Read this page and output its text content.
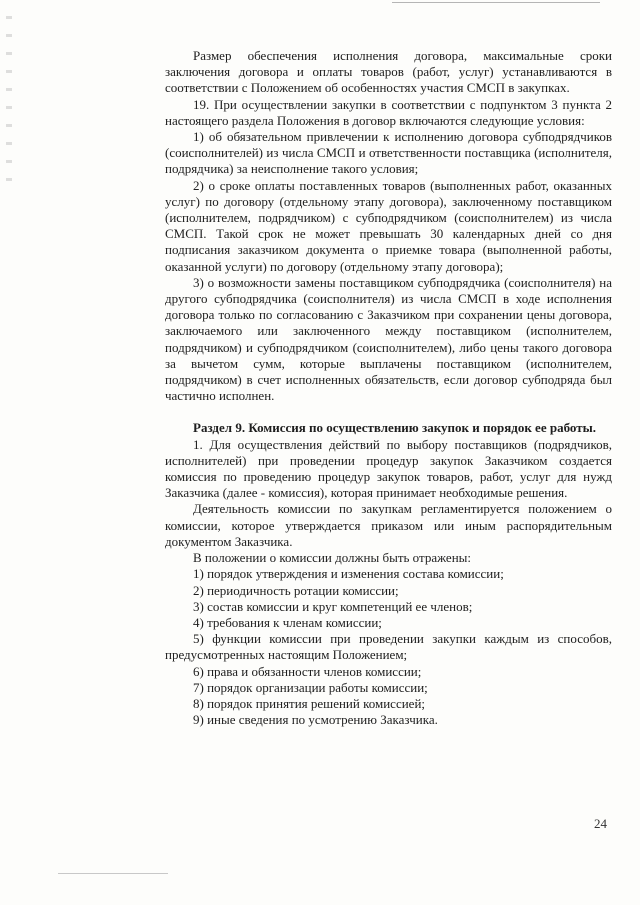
Размер обеспечения исполнения договора, максимальные сроки заключения договора и оплаты товаров (работ, услуг) устанавливаются в соответствии с Положением об особенностях участия СМСП в закупках.

19. При осуществлении закупки в соответствии с подпунктом 3 пункта 2 настоящего раздела Положения в договор включаются следующие условия:

1) об обязательном привлечении к исполнению договора субподрядчиков (соисполнителей) из числа СМСП и ответственности поставщика (исполнителя, подрядчика) за неисполнение такого условия;

2) о сроке оплаты поставленных товаров (выполненных работ, оказанных услуг) по договору (отдельному этапу договора), заключенному поставщиком (исполнителем, подрядчиком) с субподрядчиком (соисполнителем) из числа СМСП. Такой срок не может превышать 30 календарных дней со дня подписания заказчиком документа о приемке товара (выполненной работы, оказанной услуги) по договору (отдельному этапу договора);

3) о возможности замены поставщиком субподрядчика (соисполнителя) на другого субподрядчика (соисполнителя) из числа СМСП в ходе исполнения договора только по согласованию с Заказчиком при сохранении цены договора, заключаемого или заключенного между поставщиком (исполнителем, подрядчиком) и субподрядчиком (соисполнителем), либо цены такого договора за вычетом сумм, которые выплачены поставщиком (исполнителем, подрядчиком) в счет исполненных обязательств, если договор субподряда был частично исполнен.

Раздел 9. Комиссия по осуществлению закупок и порядок ее работы.

1. Для осуществления действий по выбору поставщиков (подрядчиков, исполнителей) при проведении процедур закупок Заказчиком создается комиссия по проведению процедур закупок товаров, работ, услуг для нужд Заказчика (далее - комиссия), которая принимает необходимые решения.

Деятельность комиссии по закупкам регламентируется положением о комиссии, которое утверждается приказом или иным распорядительным документом Заказчика.

В положении о комиссии должны быть отражены:

1) порядок утверждения и изменения состава комиссии;

2) периодичность ротации комиссии;

3) состав комиссии и круг компетенций ее членов;

4) требования к членам комиссии;

5) функции комиссии при проведении закупки каждым из способов, предусмотренных настоящим Положением;

6) права и обязанности членов комиссии;

7) порядок организации работы комиссии;

8) порядок принятия решений комиссией;

9) иные сведения по усмотрению Заказчика.

24
